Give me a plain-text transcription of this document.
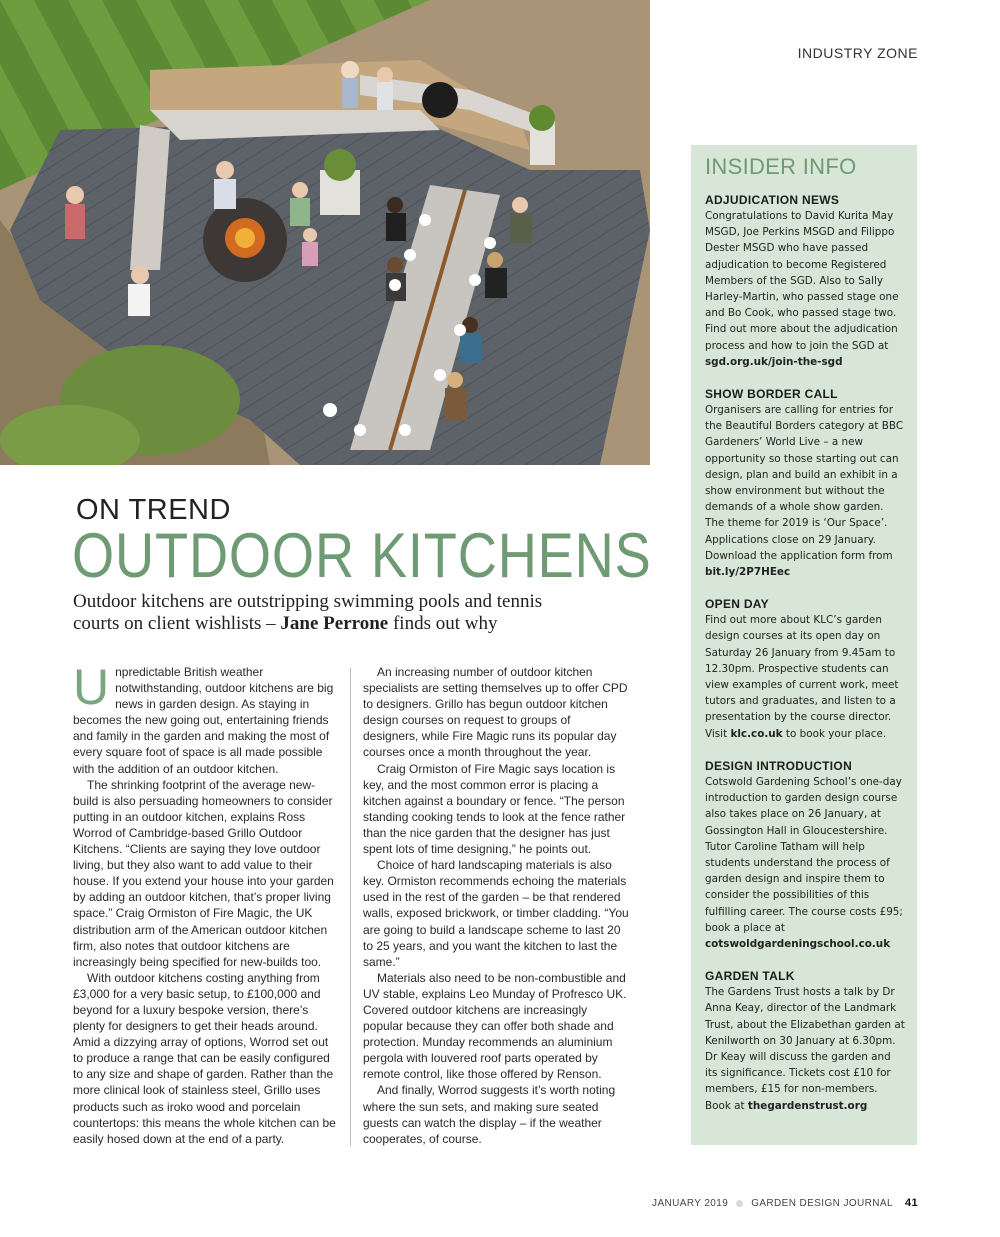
INDUSTRY ZONE
ON TREND
OUTDOOR KITCHENS
Outdoor kitchens are outstripping swimming pools and tennis courts on client wishlists – Jane Perrone finds out why

Unpredictable British weather notwithstanding, outdoor kitchens are big news in garden design. As staying in becomes the new going out, entertaining friends and family in the garden and making the most of every square foot of space is all made possible with the addition of an outdoor kitchen.

The shrinking footprint of the average new-build is also persuading homeowners to consider putting in an outdoor kitchen, explains Ross Worrod of Cambridge-based Grillo Outdoor Kitchens. “Clients are saying they love outdoor living, but they also want to add value to their house. If you extend your house into your garden by adding an outdoor kitchen, that’s proper living space.” Craig Ormiston of Fire Magic, the UK distribution arm of the American outdoor kitchen firm, also notes that outdoor kitchens are increasingly being specified for new-builds too.

With outdoor kitchens costing anything from £3,000 for a very basic setup, to £100,000 and beyond for a luxury bespoke version, there’s plenty for designers to get their heads around. Amid a dizzying array of options, Worrod set out to produce a range that can be easily configured to any size and shape of garden. Rather than the more clinical look of stainless steel, Grillo uses products such as iroko wood and porcelain countertops: this means the whole kitchen can be easily hosed down at the end of a party.

An increasing number of outdoor kitchen specialists are setting themselves up to offer CPD to designers. Grillo has begun outdoor kitchen design courses on request to groups of designers, while Fire Magic runs its popular day courses once a month throughout the year.

Craig Ormiston of Fire Magic says location is key, and the most common error is placing a kitchen against a boundary or fence. “The person standing cooking tends to look at the fence rather than the nice garden that the designer has just spent lots of time designing,” he points out.

Choice of hard landscaping materials is also key. Ormiston recommends echoing the materials used in the rest of the garden – be that rendered walls, exposed brickwork, or timber cladding. “You are going to build a landscape scheme to last 20 to 25 years, and you want the kitchen to last the same.”

Materials also need to be non-combustible and UV stable, explains Leo Munday of Profresco UK. Covered outdoor kitchens are increasingly popular because they can offer both shade and protection. Munday recommends an aluminium pergola with louvered roof parts operated by remote control, like those offered by Renson.

And finally, Worrod suggests it’s worth noting where the sun sets, and making sure seated guests can watch the display – if the weather cooperates, of course.

INSIDER INFO
ADJUDICATION NEWS

Congratulations to David Kurita May MSGD, Joe Perkins MSGD and Filippo Dester MSGD who have passed adjudication to become Registered Members of the SGD. Also to Sally Harley-Martin, who passed stage one and Bo Cook, who passed stage two. Find out more about the adjudication process and how to join the SGD at sgd.org.uk/join-the-sgd

SHOW BORDER CALL

Organisers are calling for entries for the Beautiful Borders category at BBC Gardeners’ World Live – a new opportunity so those starting out can design, plan and build an exhibit in a show environment but without the demands of a whole show garden. The theme for 2019 is ‘Our Space’. Applications close on 29 January. Download the application form from bit.ly/2P7HEec

OPEN DAY

Find out more about KLC’s garden design courses at its open day on Saturday 26 January from 9.45am to 12.30pm. Prospective students can view examples of current work, meet tutors and graduates, and listen to a presentation by the course director. Visit klc.co.uk to book your place.

DESIGN INTRODUCTION

Cotswold Gardening School’s one-day introduction to garden design course also takes place on 26 January, at Gossington Hall in Gloucestershire. Tutor Caroline Tatham will help students understand the process of garden design and inspire them to consider the possibilities of this fulfilling career. The course costs £95; book a place at cotswoldgardeningschool.co.uk

GARDEN TALK

The Gardens Trust hosts a talk by Dr Anna Keay, director of the Landmark Trust, about the Elizabethan garden at Kenilworth on 30 January at 6.30pm. Dr Keay will discuss the garden and its significance. Tickets cost £10 for members, £15 for non-members. Book at thegardenstrust.org

JANUARY 2019 GARDEN DESIGN JOURNAL 41
